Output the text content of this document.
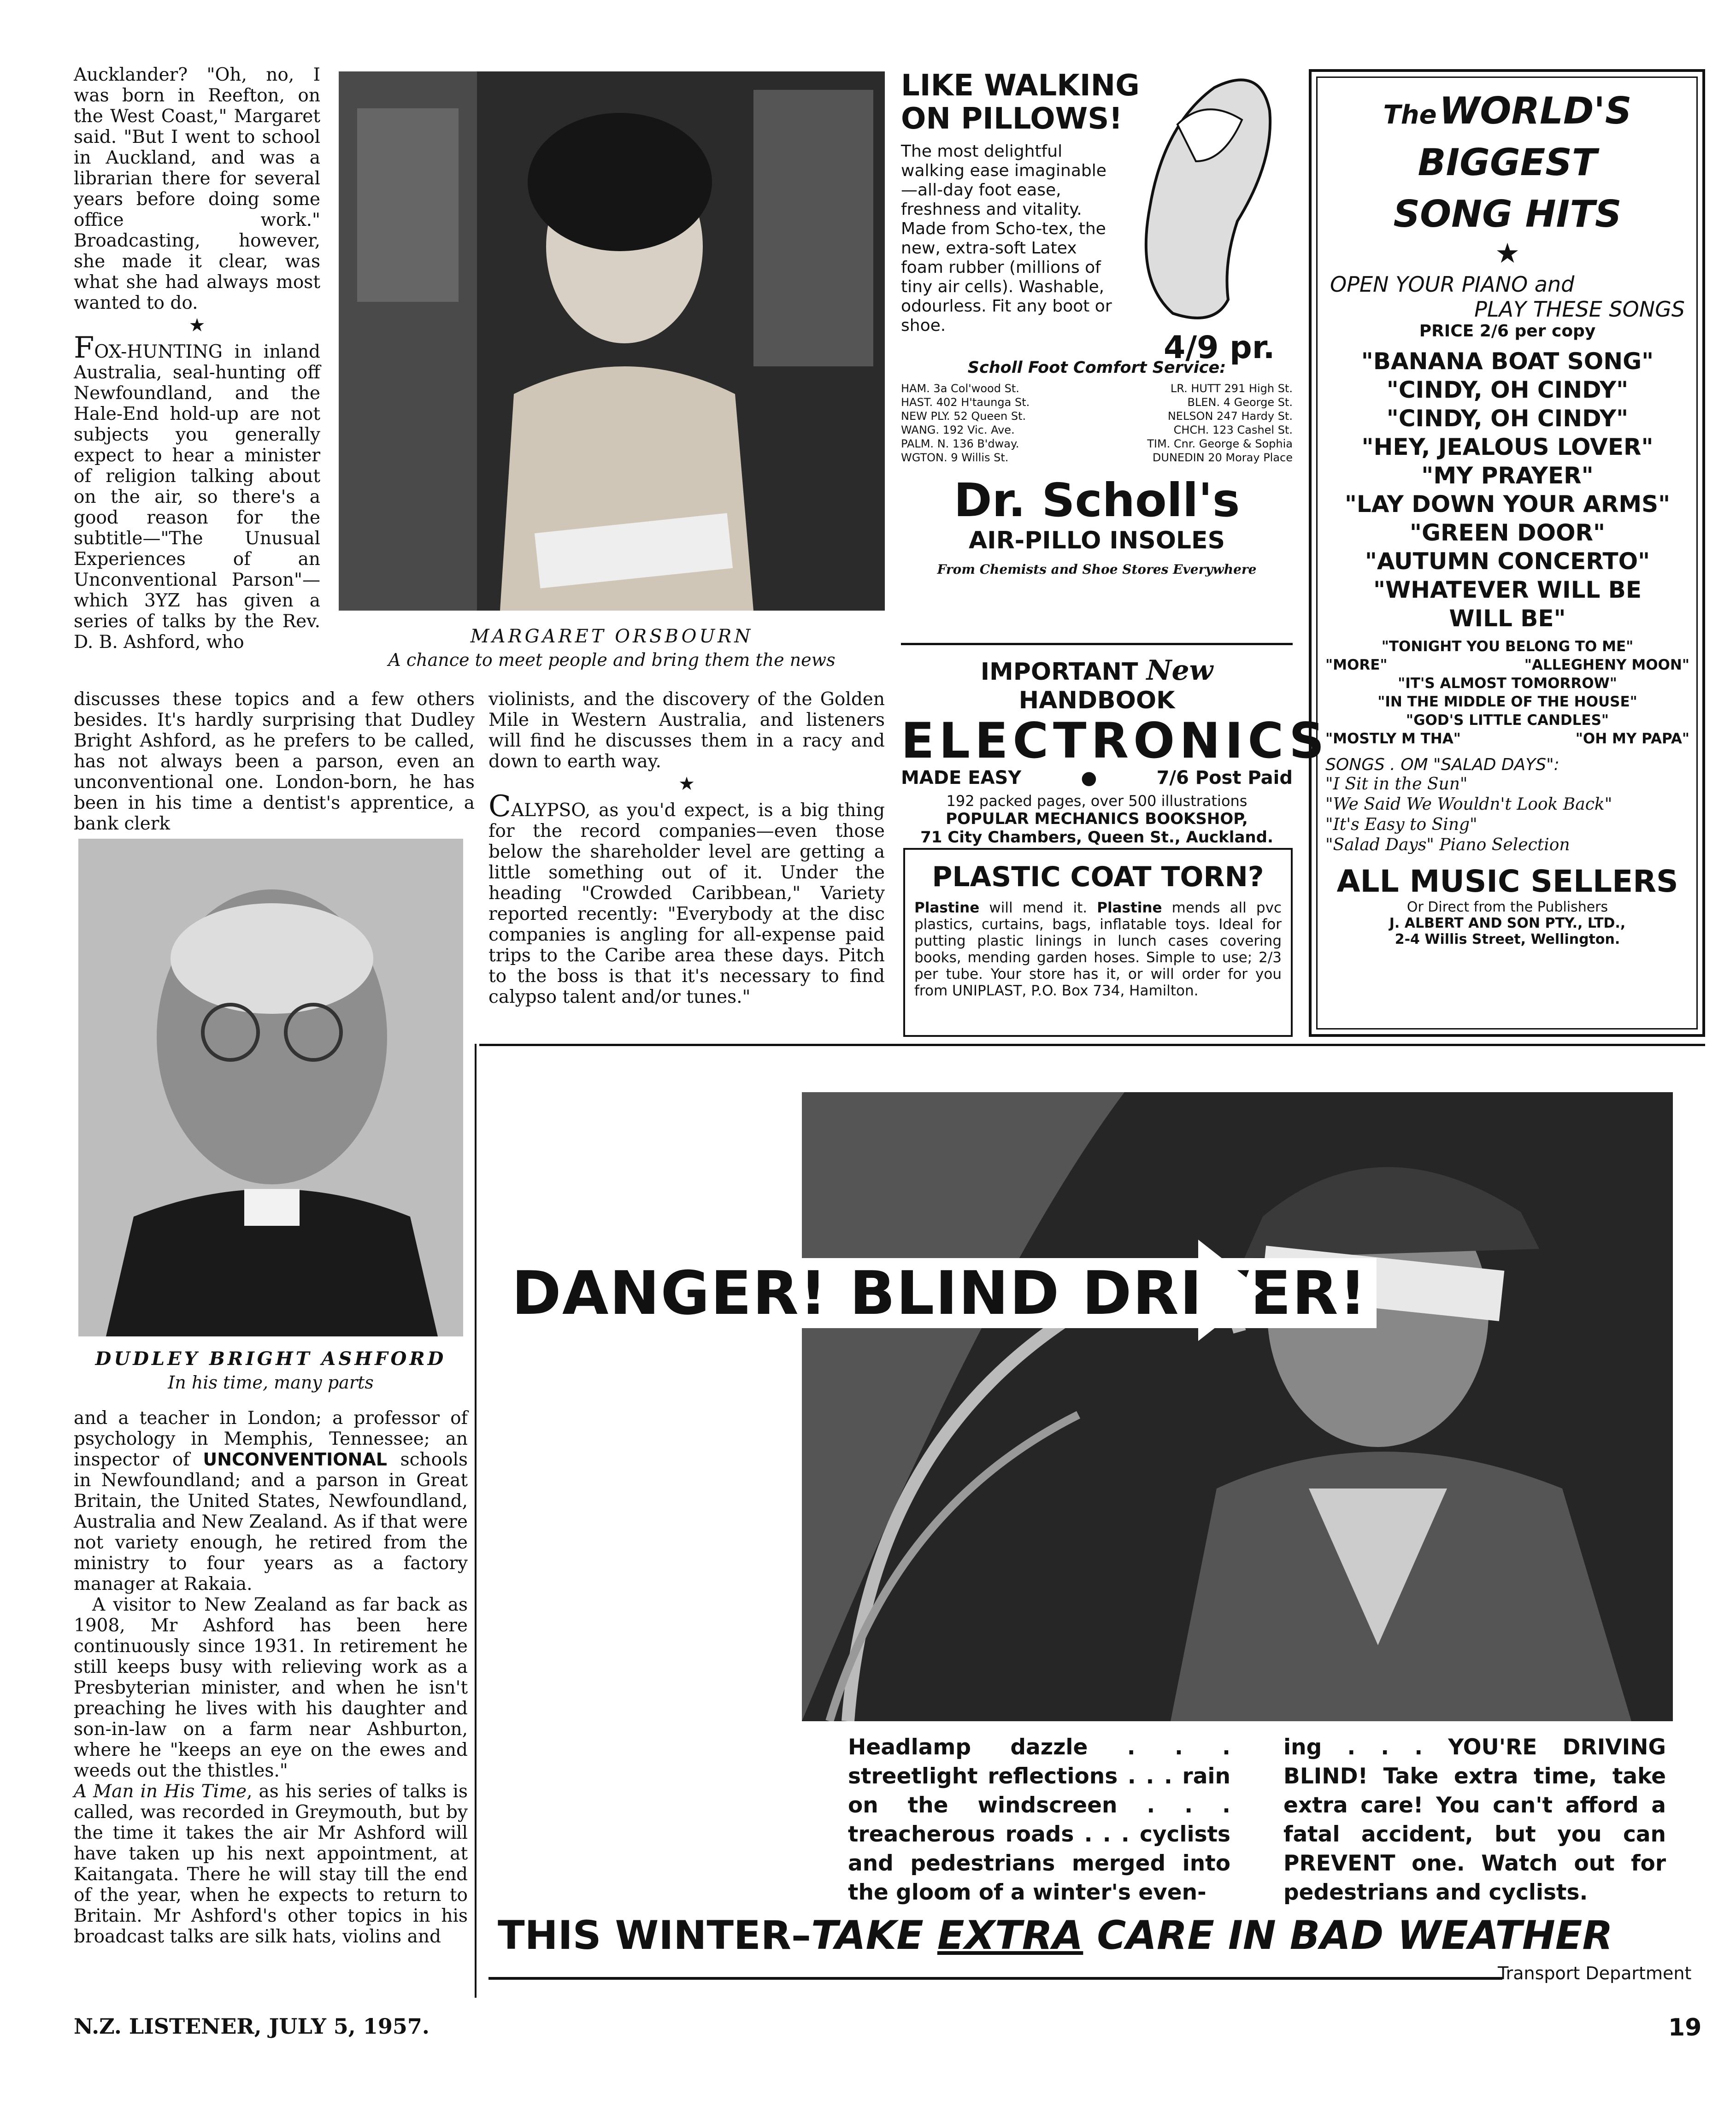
Aucklander? "Oh, no, I was born in Reefton, on the West Coast," Margaret said. "But I went to school in Auckland, and was a librarian there for several years before doing some office work." Broadcasting, however, she made it clear, was what she had always most wanted to do.

★

FOX-HUNTING in inland Australia, seal-hunting off Newfoundland, and the Hale-End hold-up are not subjects you generally expect to hear a minister of religion talking about on the air, so there's a good reason for the subtitle—"The Unusual Experiences of an Unconventional Parson"—which 3YZ has given a series of talks by the Rev. D. B. Ashford, who	MARGARET ORSBOURN
A chance to meet people and bring them the news

discusses these topics and a few others besides. It's hardly surprising that Dudley Bright Ashford, as he prefers to be called, has not always been a parson, even an unconventional one. London-born, he has been in his time a dentist's apprentice, a bank clerk

violinists, and the discovery of the Golden Mile in Western Australia, and listeners will find he discusses them in a racy and down to earth way.

★

CALYPSO, as you'd expect, is a big thing for the record companies—even those below the shareholder level are getting a little something out of it. Under the heading "Crowded Caribbean," Variety reported recently: "Everybody at the disc companies is angling for all-expense paid trips to the Caribe area these days. Pitch to the boss is that it's necessary to find calypso talent and/or tunes."

DUDLEY BRIGHT ASHFORD
In his time, many parts

and a teacher in London; a professor of psychology in Memphis, Tennessee; an inspector of UNCONVENTIONAL schools in Newfoundland; and a parson in Great Britain, the United States, Newfoundland, Australia and New Zealand. As if that were not variety enough, he retired from the ministry to four years as a factory manager at Rakaia.

A visitor to New Zealand as far back as 1908, Mr Ashford has been here continuously since 1931. In retirement he still keeps busy with relieving work as a Presbyterian minister, and when he isn't preaching he lives with his daughter and son-in-law on a farm near Ashburton, where he "keeps an eye on the ewes and weeds out the thistles."

A Man in His Time, as his series of talks is called, was recorded in Greymouth, but by the time it takes the air Mr Ashford will have taken up his next appointment, at Kaitangata. There he will stay till the end of the year, when he expects to return to Britain. Mr Ashford's other topics in his broadcast talks are silk hats, violins and

LIKE WALKING
ON PILLOWS!
The most delightful walking ease imaginable—all-day foot ease, freshness and vitality. Made from Scho-tex, the new, extra-soft Latex foam rubber (millions of tiny air cells). Washable, odourless. Fit any boot or shoe.
4/9 pr.
Scholl Foot Comfort Service:
HAM. 3a Col'wood St.	LR. HUTT 291 High St.
HAST. 402 H'taunga St.	BLEN. 4 George St.
NEW PLY. 52 Queen St.	NELSON 247 Hardy St.
WANG. 192 Vic. Ave.	CHCH. 123 Cashel St.
PALM. N. 136 B'dway.	TIM. Cnr. George & Sophia
WGTON. 9 Willis St.	DUNEDIN 20 Moray Place
Dr. Scholl's
AIR-PILLO INSOLES
From Chemists and Shoe Stores Everywhere
IMPORTANT New HANDBOOK
ELECTRONICS
MADE EASY	●	7/6 Post Paid
192 packed pages, over 500 illustrations
POPULAR MECHANICS BOOKSHOP,
71 City Chambers, Queen St., Auckland.
PLASTIC COAT TORN?
Plastine will mend it. Plastine mends all pvc plastics, curtains, bags, inflatable toys. Ideal for putting plastic linings in lunch cases covering books, mending garden hoses. Simple to use; 2/3 per tube. Your store has it, or will order for you from UNIPLAST, P.O. Box 734, Hamilton.
The WORLD'S BIGGEST
SONG HITS
★
OPEN YOUR PIANO and
PLAY THESE SONGS
PRICE 2/6 per copy
"BANANA BOAT SONG"
"CINDY, OH CINDY"
"CINDY, OH CINDY"
"HEY, JEALOUS LOVER"
"MY PRAYER"
"LAY DOWN YOUR ARMS"
"GREEN DOOR"
"AUTUMN CONCERTO"
"WHATEVER WILL BE
WILL BE"
"TONIGHT YOU BELONG TO ME"
"MORE"	"ALLEGHENY MOON"
"IT'S ALMOST TOMORROW"
"IN THE MIDDLE OF THE HOUSE"
"GOD'S LITTLE CANDLES"
"MOSTLY M THA"	"OH MY PAPA"
SONGS . OM "SALAD DAYS":
"I Sit in the Sun"
"We Said We Wouldn't Look Back"
"It's Easy to Sing"
"Salad Days" Piano Selection
ALL MUSIC SELLERS
Or Direct from the Publishers
J. ALBERT AND SON PTY., LTD.,
2-4 Willis Street, Wellington.
DANGER! BLIND DRIVER!
Headlamp dazzle . . . streetlight reflections . . . rain on the windscreen . . . treacherous roads . . . cyclists and pedestrians merged into the gloom of a winter's even-
ing . . . YOU'RE DRIVING BLIND! Take extra time, take extra care! You can't afford a fatal accident, but you can PREVENT one. Watch out for pedestrians and cyclists.
THIS WINTER–TAKE EXTRA CARE IN BAD WEATHER
Transport Department
N.Z. LISTENER, JULY 5, 1957.	19
